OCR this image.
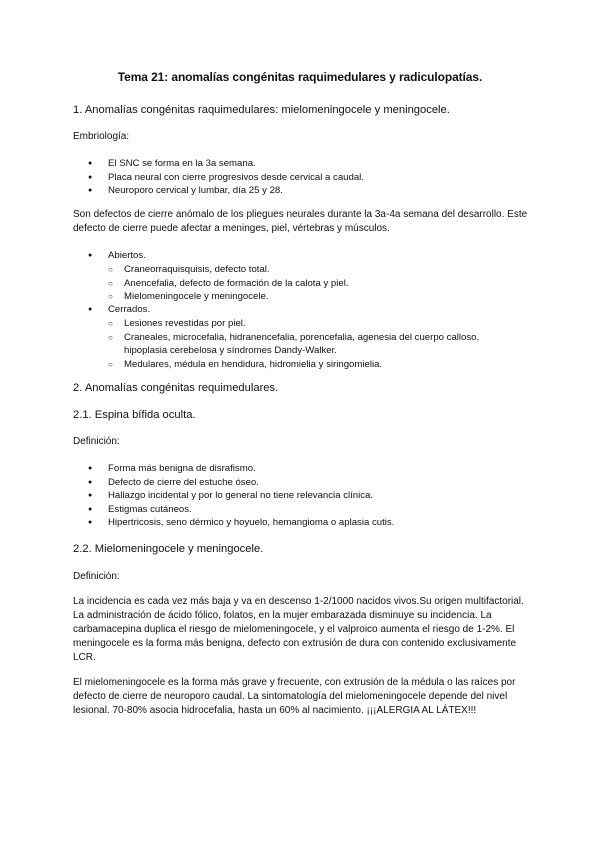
Tema 21: anomalías congénitas raquimedulares y radiculopatías.
1. Anomalías congénitas raquimedulares: mielomeningocele y meningocele.
Embriología:
● El SNC se forma en la 3a semana.
● Placa neural con cierre progresivos desde cervical a caudal.
● Neuroporo cervical y lumbar, día 25 y 28.
Son defectos de cierre anómalo de los pliegues neurales durante la 3a-4a semana del desarrollo. Este defecto de cierre puede afectar a meninges, piel, vértebras y músculos.
● Abiertos.
○ Craneorraquisquisis, defecto total.
○ Anencefalia, defecto de formación de la calota y piel.
○ Mielomeningocele y meningocele.
● Cerrados.
○ Lesiones revestidas por piel.
○ Craneales, microcefalia, hidranencefalia, porencefalia, agenesia del cuerpo calloso, hipoplasia cerebelosa y síndromes Dandy-Walker.
○ Medulares, médula en hendidura, hidromielia y siringomielia.
2. Anomalías congénitas requimedulares.
2.1. Espina bífida oculta.
Definición:
● Forma más benigna de disrafismo.
● Defecto de cierre del estuche óseo.
● Hallazgo incidental y por lo general no tiene relevancia clínica.
● Estigmas cutáneos.
● Hipertricosis, seno dérmico y hoyuelo, hemangioma o aplasia cutis.
2.2. Mielomeningocele y meningocele.
Definición:
La incidencia es cada vez más baja y va en descenso 1-2/1000 nacidos vivos.Su origen multifactorial. La administración de ácido fólico, folatos, en la mujer embarazada disminuye su incidencia. La carbamacepina duplica el riesgo de mielomeningocele, y el valproico aumenta el riesgo de 1-2%. El meningocele es la forma más benigna, defecto con extrusión de dura con contenido exclusivamente LCR.
El mielomeningocele es la forma más grave y frecuente, con extrusión de la médula o las raíces por defecto de cierre de neuroporo caudal. La sintomatología del mielomeningocele depende del nivel lesional. 70-80% asocia hidrocefalia, hasta un 60% al nacimiento. ¡¡¡ALERGIA AL LÁTEX!!!
